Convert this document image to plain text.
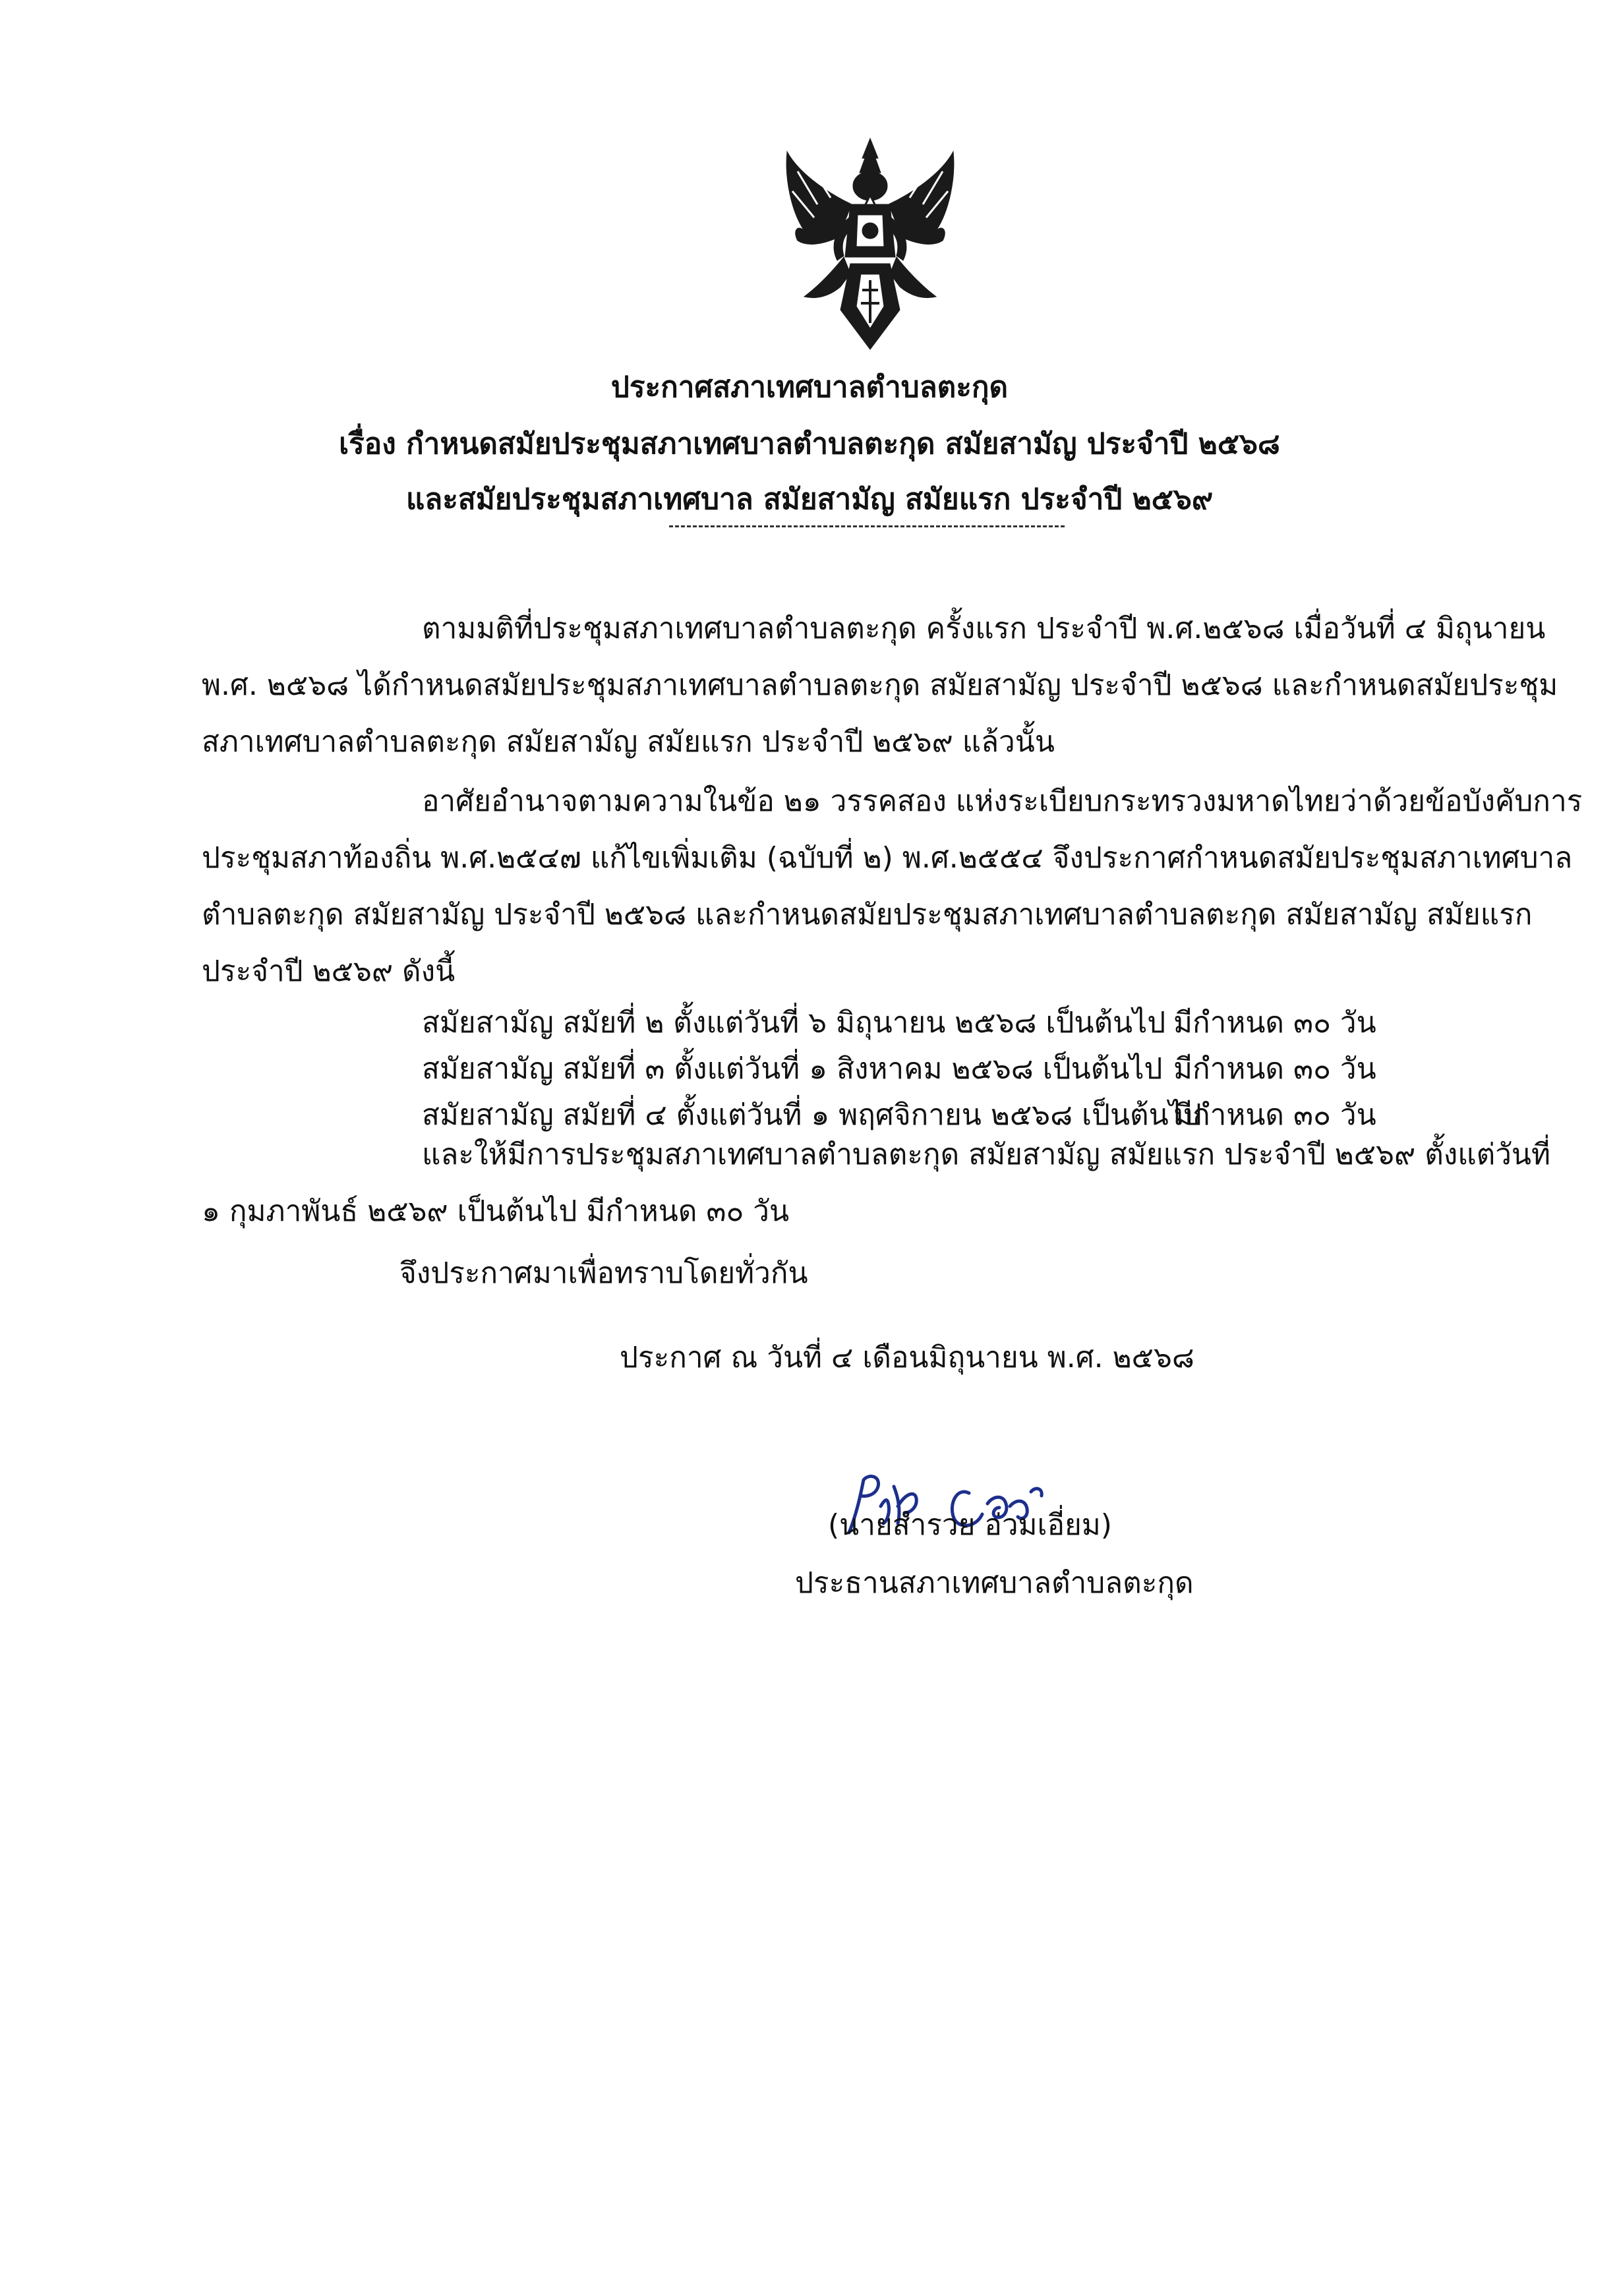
ประกาศสภาเทศบาลตำบลตะกุด
เรื่อง กำหนดสมัยประชุมสภาเทศบาลตำบลตะกุด สมัยสามัญ ประจำปี ๒๕๖๘
และสมัยประชุมสภาเทศบาล สมัยสามัญ สมัยแรก ประจำปี ๒๕๖๙
ตามมติที่ประชุมสภาเทศบาลตำบลตะกุด ครั้งแรก ประจำปี พ.ศ.๒๕๖๘ เมื่อวันที่ ๔ มิถุนายน
พ.ศ. ๒๕๖๘ ได้กำหนดสมัยประชุมสภาเทศบาลตำบลตะกุด สมัยสามัญ ประจำปี ๒๕๖๘ และกำหนดสมัยประชุม
สภาเทศบาลตำบลตะกุด สมัยสามัญ สมัยแรก ประจำปี ๒๕๖๙ แล้วนั้น
อาศัยอำนาจตามความในข้อ ๒๑ วรรคสอง แห่งระเบียบกระทรวงมหาดไทยว่าด้วยข้อบังคับการ
ประชุมสภาท้องถิ่น พ.ศ.๒๕๔๗ แก้ไขเพิ่มเติม (ฉบับที่ ๒) พ.ศ.๒๕๕๔ จึงประกาศกำหนดสมัยประชุมสภาเทศบาล
ตำบลตะกุด สมัยสามัญ ประจำปี ๒๕๖๘ และกำหนดสมัยประชุมสภาเทศบาลตำบลตะกุด สมัยสามัญ สมัยแรก
ประจำปี ๒๕๖๙ ดังนี้
สมัยสามัญ สมัยที่ ๒ ตั้งแต่วันที่ ๖ มิถุนายน ๒๕๖๘ เป็นต้นไป มีกำหนด ๓๐ วัน
สมัยสามัญ สมัยที่ ๓ ตั้งแต่วันที่ ๑ สิงหาคม ๒๕๖๘ เป็นต้นไป มีกำหนด ๓๐ วัน
สมัยสามัญ สมัยที่ ๔ ตั้งแต่วันที่ ๑ พฤศจิกายน ๒๕๖๘ เป็นต้นไป
มีกำหนด ๓๐ วัน
และให้มีการประชุมสภาเทศบาลตำบลตะกุด สมัยสามัญ สมัยแรก ประจำปี ๒๕๖๙ ตั้งแต่วันที่
๑ กุมภาพันธ์ ๒๕๖๙ เป็นต้นไป มีกำหนด ๓๐ วัน
จึงประกาศมาเพื่อทราบโดยทั่วกัน
ประกาศ ณ วันที่ ๔ เดือนมิถุนายน พ.ศ. ๒๕๖๘
(นายสำรวย อ่วมเอี่ยม)
ประธานสภาเทศบาลตำบลตะกุด
